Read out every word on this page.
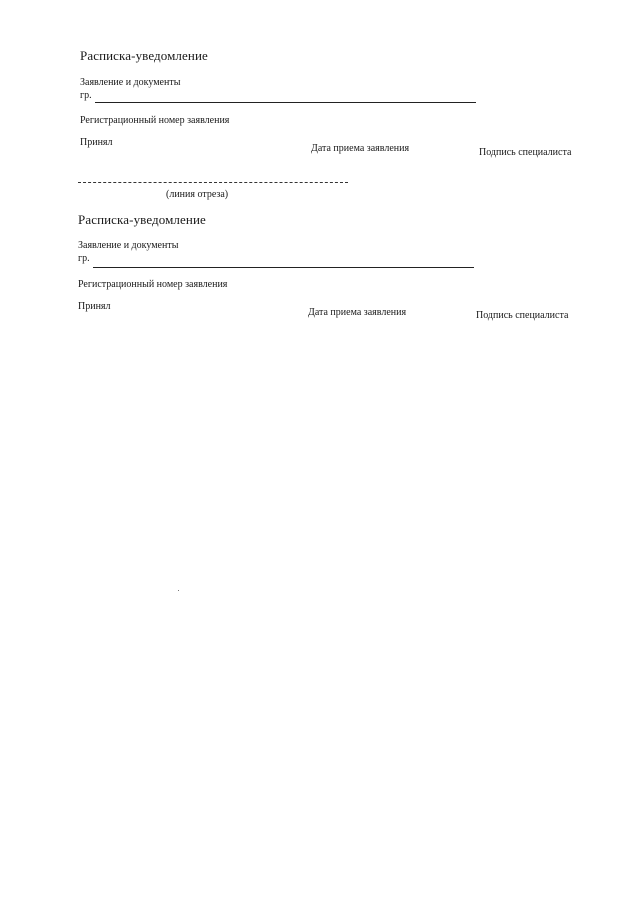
Расписка-уведомление
Заявление и документы
гр.
Регистрационный номер заявления
Принял
Дата приема заявления	Подпись специалиста
(линия отреза)
Расписка-уведомление
Заявление и документы
гр.
Регистрационный номер заявления
Принял
Дата приема заявления	Подпись специалиста
